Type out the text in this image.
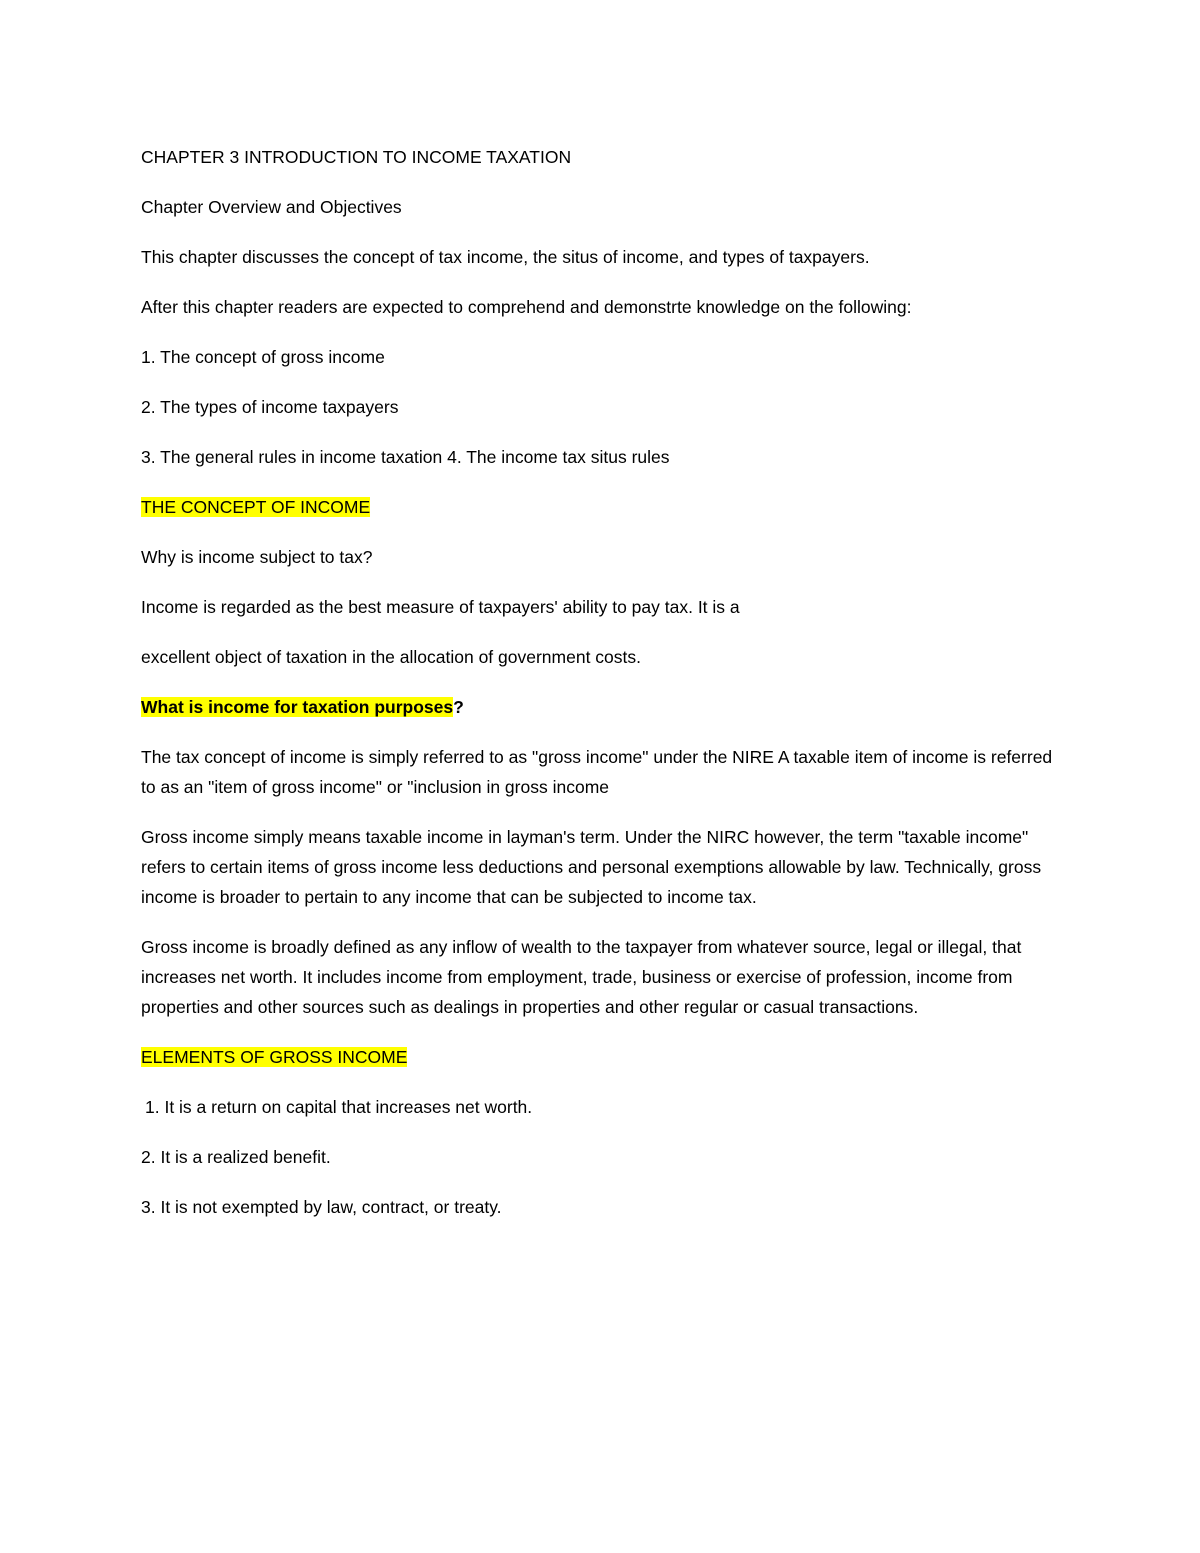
CHAPTER 3 INTRODUCTION TO INCOME TAXATION

Chapter Overview and Objectives

This chapter discusses the concept of tax income, the situs of income, and types of taxpayers.

After this chapter readers are expected to comprehend and demonstrte knowledge on the following:

1. The concept of gross income

2. The types of income taxpayers

3. The general rules in income taxation 4. The income tax situs rules

THE CONCEPT OF INCOME

Why is income subject to tax?

Income is regarded as the best measure of taxpayers' ability to pay tax. It is a

excellent object of taxation in the allocation of government costs.

What is income for taxation purposes?

The tax concept of income is simply referred to as "gross income" under the NIRE A taxable item of income is referred to as an "item of gross income" or "inclusion in gross income

Gross income simply means taxable income in layman's term. Under the NIRC however, the term "taxable income" refers to certain items of gross income less deductions and personal exemptions allowable by law. Technically, gross income is broader to pertain to any income that can be subjected to income tax.

Gross income is broadly defined as any inflow of wealth to the taxpayer from whatever source, legal or illegal, that increases net worth. It includes income from employment, trade, business or exercise of profession, income from properties and other sources such as dealings in properties and other regular or casual transactions.

ELEMENTS OF GROSS INCOME

1. It is a return on capital that increases net worth.

2. It is a realized benefit.

3. It is not exempted by law, contract, or treaty.
